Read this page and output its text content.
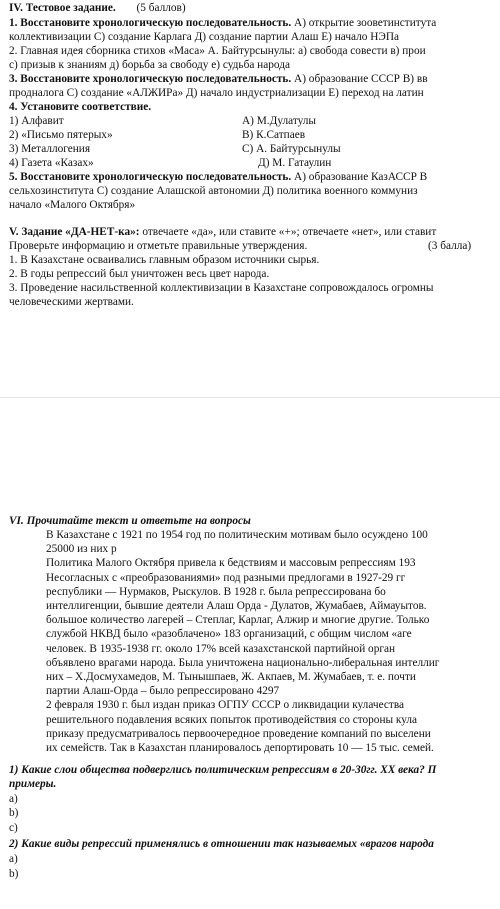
IV. Тестовое задание. (5 баллов)
1. Восстановите хронологическую последовательность. А) открытие зооветинститута
коллективизации С) создание Карлага Д) создание партии Алаш Е) начало НЭПа
2. Главная идея сборника стихов «Маса» А. Байтурсынулы: а) свобода совести в) прои
с) призыв к знаниям д) борьба за свободу е) судьба народа
3. Восстановите хронологическую последовательность. А) образование СССР В) вв
продналога С) создание «АЛЖИРа» Д) начало индустриализации Е) переход на латин
4. Установите соответствие.
1) Алфавит	А) М.Дулатулы
2) «Письмо пятерых»	В) К.Сатпаев
3) Металлогения	С) А. Байтурсынулы
4) Газета «Казах»	Д) М. Гатаулин
5. Восстановите хронологическую последовательность. А) образование КазАССР В
сельхозинститута С) создание Алашской автономии Д) политика военного коммуниз
начало «Малого Октября»
V. Задание «ДА-НЕТ-ка»: отвечаете «да», или ставите «+»; отвечаете «нет», или ставит
Проверьте информацию и отметьте правильные утверждения.	(3 балла)
1. В Казахстане осваивались главным образом источники сырья.
2. В годы репрессий был уничтожен весь цвет народа.
3. Проведение насильственной коллективизации в Казахстане сопровождалось огромны
человеческими жертвами.
VI. Прочитайте текст и ответьте на вопросы
В Казахстане с 1921 по 1954 год по политическим мотивам было осуждено 100
25000 из них р
Политика Малого Октября привела к бедствиям и массовым репрессиям 193
Несогласных с «преобразованиями» под разными предлогами в 1927-29 гг
республики — Нурмаков, Рыскулов. В 1928 г. была репрессирована бо
интеллигенции, бывшие деятели Алаш Орда - Дулатов, Жумабаев, Аймауытов.
большое количество лагерей – Степлаг, Карлаг, Алжир и многие другие. Только
службой НКВД было «разоблачено» 183 организаций, с общим числом «аге
человек. В 1935-1938 гг. около 17% всей казахстанской партийной орган
объявлено врагами народа. Была уничтожена национально-либеральная интеллиг
них – Х.Досмухамедов, М. Тынышпаев, Ж. Акпаев, М. Жумабаев, т. е. почти
партии Алаш-Орда – было репрессировано 4297
2 февраля 1930 г. был издан приказ ОГПУ СССР о ликвидации кулачества
решительного подавления всяких попыток противодействия со стороны кула
приказу предусматривалось первоочередное проведение компаний по выселени
их семейств. Так в Казахстан планировалось депортировать 10 — 15 тыс. семей.
1) Какие слои общества подверглись политическим репрессиям в 20-30гг. ХХ века? П
примеры.
a)
b)
c)
2) Какие виды репрессий применялись в отношении так называемых «врагов народа
a)
b)
